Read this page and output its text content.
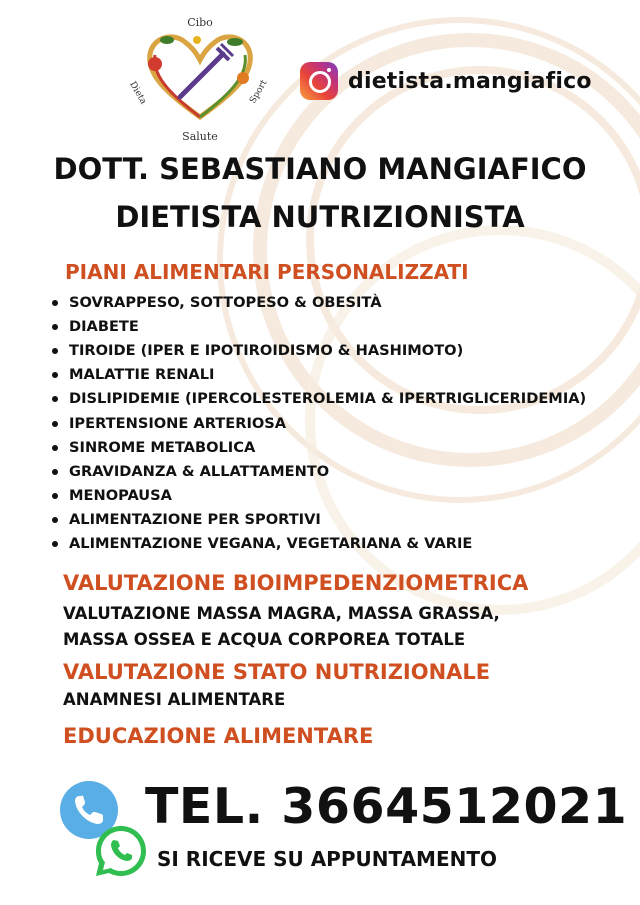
Cibo
Dieta	Sport
Salute
dietista.mangiafico
DOTT. SEBASTIANO MANGIAFICO
DIETISTA NUTRIZIONISTA
PIANI ALIMENTARI PERSONALIZZATI
SOVRAPPESO, SOTTOPESO & OBESITÀ
DIABETE
TIROIDE (IPER E IPOTIROIDISMO & HASHIMOTO)
MALATTIE RENALI
DISLIPIDEMIE (IPERCOLESTEROLEMIA & IPERTRIGLICERIDEMIA)
IPERTENSIONE ARTERIOSA
SINROME METABOLICA
GRAVIDANZA & ALLATTAMENTO
MENOPAUSA
ALIMENTAZIONE PER SPORTIVI
ALIMENTAZIONE VEGANA, VEGETARIANA & VARIE
VALUTAZIONE BIOIMPEDENZIOMETRICA
VALUTAZIONE MASSA MAGRA, MASSA GRASSA,
MASSA OSSEA E ACQUA CORPOREA TOTALE
VALUTAZIONE STATO NUTRIZIONALE
ANAMNESI ALIMENTARE
EDUCAZIONE ALIMENTARE
TEL. 3664512021
SI RICEVE SU APPUNTAMENTO
